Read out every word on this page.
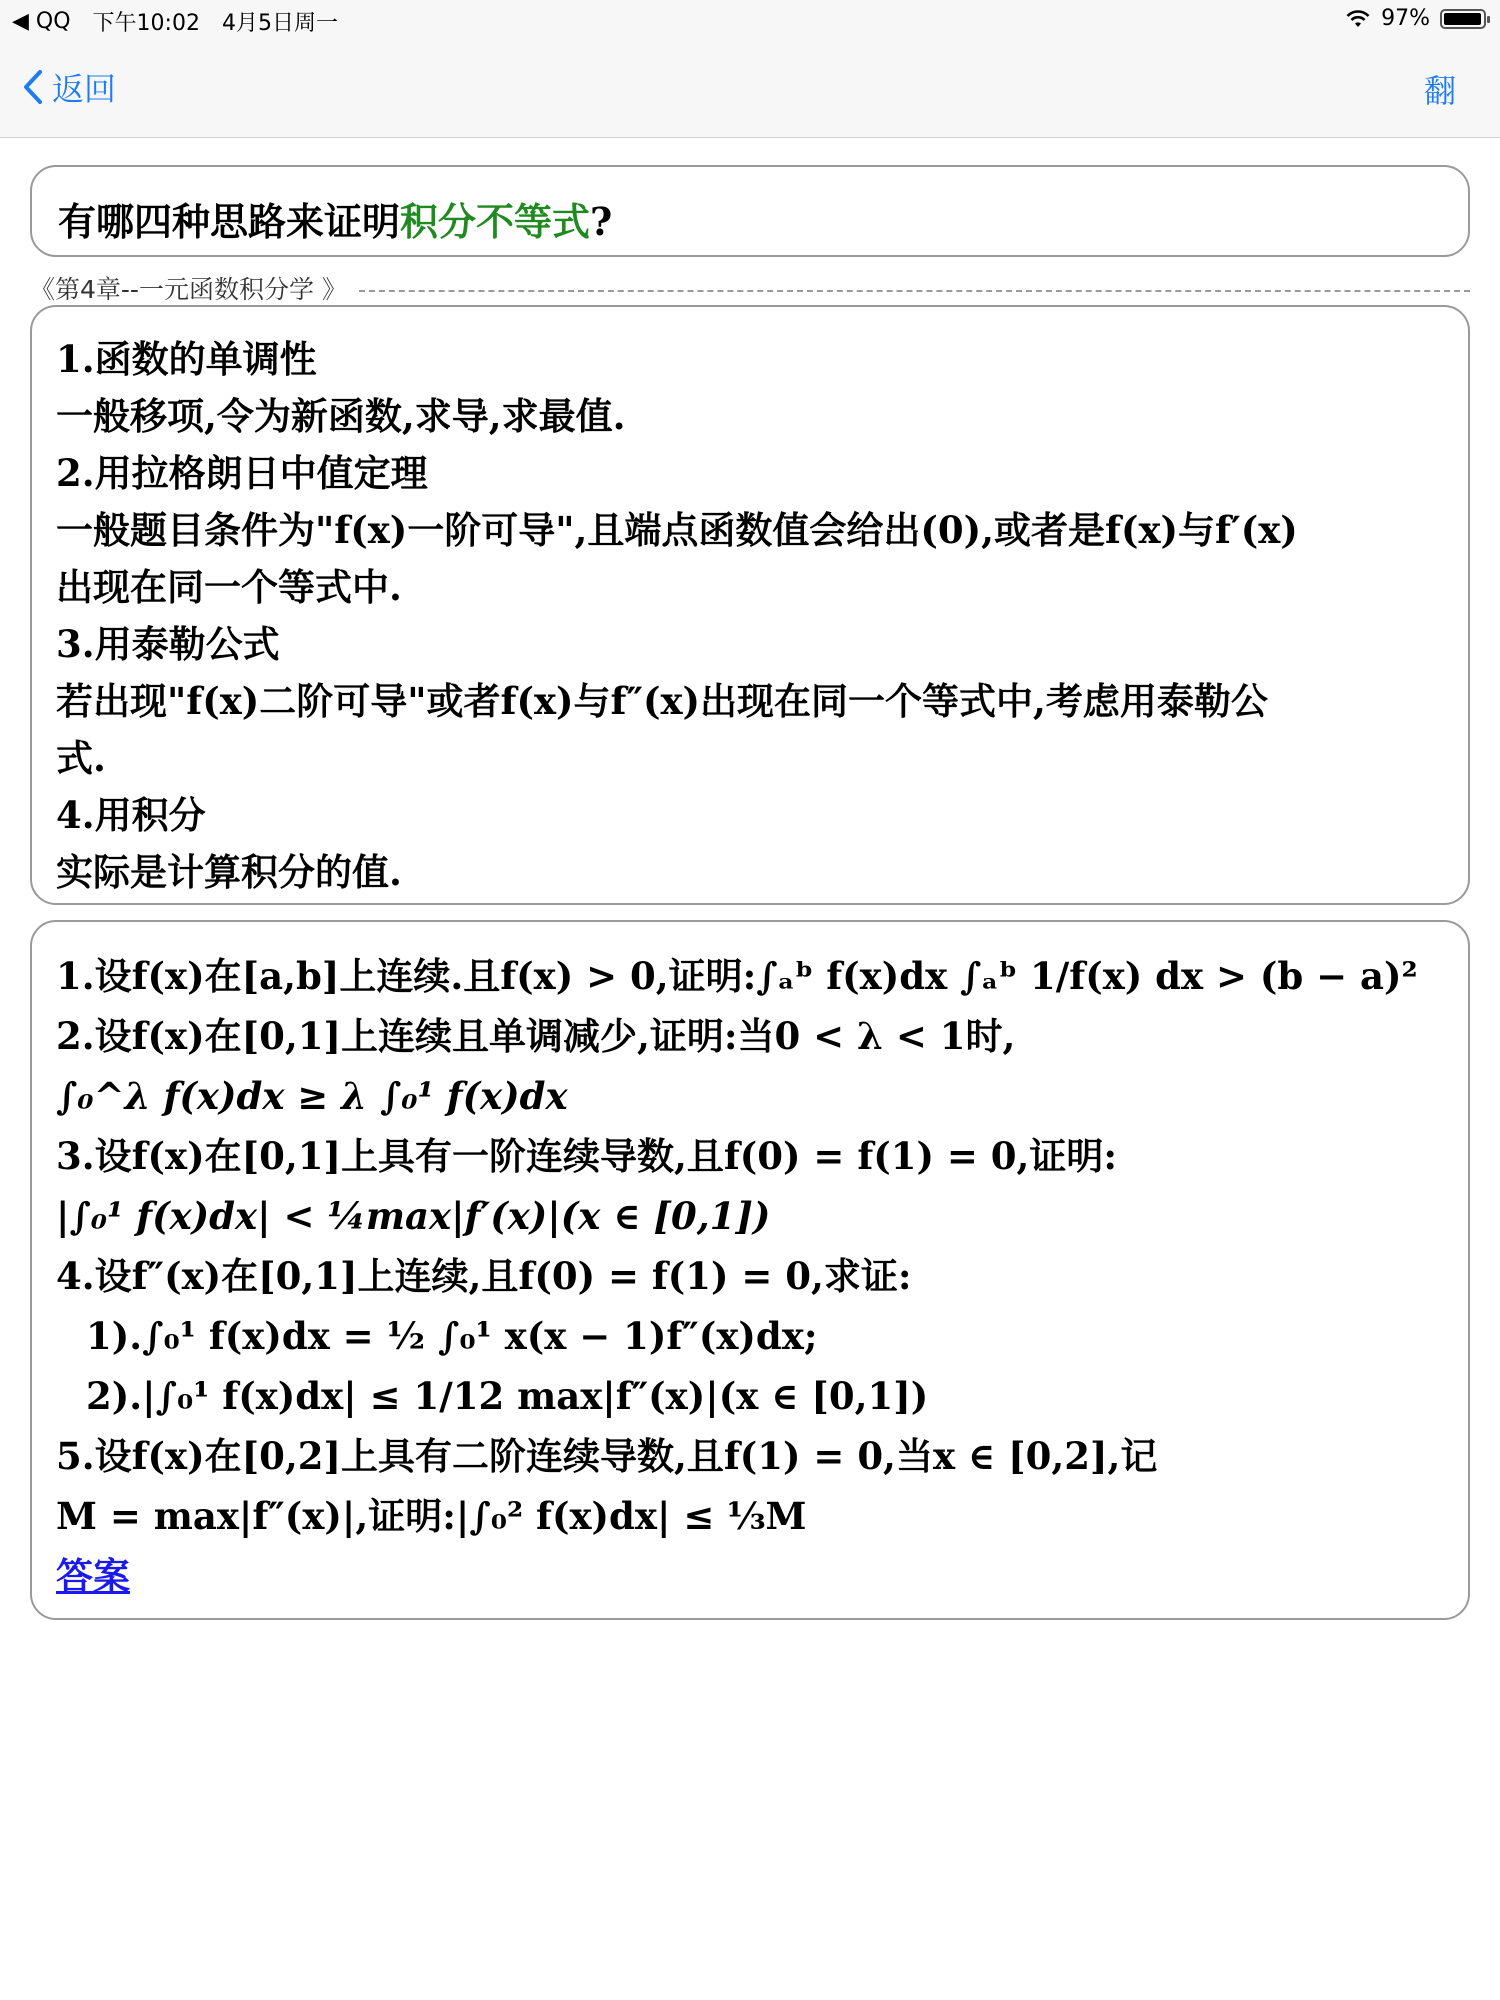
◀ QQ 下午10:02 4月5日周一	97%
返回	翻
有哪四种思路来证明积分不等式?
《第4章--一元函数积分学 》
1.函数的单调性
一般移项,令为新函数,求导,求最值.
2.用拉格朗日中值定理
一般题目条件为"f(x)一阶可导",且端点函数值会给出(0),或者是f(x)与f′(x)
出现在同一个等式中.
3.用泰勒公式
若出现"f(x)二阶可导"或者f(x)与f″(x)出现在同一个等式中,考虑用泰勒公
式.
4.用积分
实际是计算积分的值.
1.设f(x)在[a,b]上连续.且f(x) > 0,证明:∫ₐᵇ f(x)dx ∫ₐᵇ 1/f(x) dx > (b − a)²
2.设f(x)在[0,1]上连续且单调减少,证明:当0 < λ < 1时,
∫₀^λ f(x)dx ≥ λ ∫₀¹ f(x)dx
3.设f(x)在[0,1]上具有一阶连续导数,且f(0) = f(1) = 0,证明:
|∫₀¹ f(x)dx| < ¼max|f′(x)|(x ∈ [0,1])
4.设f″(x)在[0,1]上连续,且f(0) = f(1) = 0,求证:
1).∫₀¹ f(x)dx = ½ ∫₀¹ x(x − 1)f″(x)dx;
2).|∫₀¹ f(x)dx| ≤ 1/12 max|f″(x)|(x ∈ [0,1])
5.设f(x)在[0,2]上具有二阶连续导数,且f(1) = 0,当x ∈ [0,2],记
M = max|f″(x)|,证明:|∫₀² f(x)dx| ≤ ⅓M
答案
